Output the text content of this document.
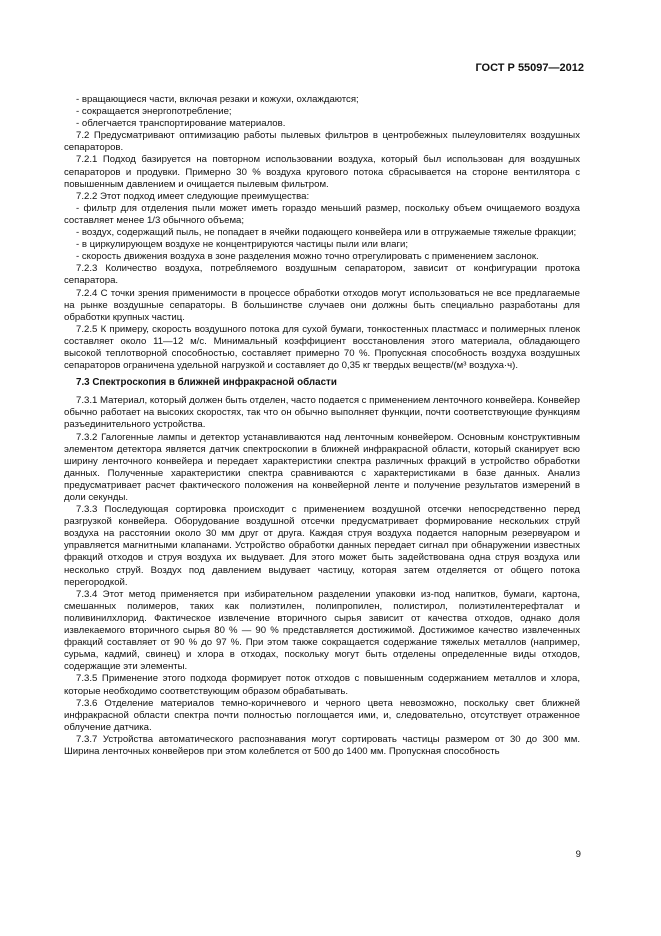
ГОСТ Р 55097—2012

- вращающиеся части, включая резаки и кожухи, охлаждаются;

- сокращается энергопотребление;

- облегчается транспортирование материалов.

7.2 Предусматривают оптимизацию работы пылевых фильтров в центробежных пылеуловителях воздушных сепараторов.

7.2.1 Подход базируется на повторном использовании воздуха, который был использован для воздушных сепараторов и продувки. Примерно 30 % воздуха кругового потока сбрасывается на стороне вентилятора с повышенным давлением и очищается пылевым фильтром.

7.2.2 Этот подход имеет следующие преимущества:

- фильтр для отделения пыли может иметь гораздо меньший размер, поскольку объем очищаемого воздуха составляет менее 1/3 обычного объема;

- воздух, содержащий пыль, не попадает в ячейки подающего конвейера или в отгружаемые тяжелые фракции;

- в циркулирующем воздухе не концентрируются частицы пыли или влаги;

- скорость движения воздуха в зоне разделения можно точно отрегулировать с применением заслонок.

7.2.3 Количество воздуха, потребляемого воздушным сепаратором, зависит от конфигурации протока сепаратора.

7.2.4 С точки зрения применимости в процессе обработки отходов могут использоваться не все предлагаемые на рынке воздушные сепараторы. В большинстве случаев они должны быть специально разработаны для обработки крупных частиц.

7.2.5 К примеру, скорость воздушного потока для сухой бумаги, тонкостенных пластмасс и полимерных пленок составляет около 11—12 м/с. Минимальный коэффициент восстановления этого материала, обладающего высокой теплотворной способностью, составляет примерно 70 %. Пропускная способность воздуха воздушных сепараторов ограничена удельной нагрузкой и составляет до 0,35 кг твердых веществ/(м³ воздуха·ч).

7.3 Спектроскопия в ближней инфракрасной области

7.3.1 Материал, который должен быть отделен, часто подается с применением ленточного конвейера. Конвейер обычно работает на высоких скоростях, так что он обычно выполняет функции, почти соответствующие функциям разъединительного устройства.

7.3.2 Галогенные лампы и детектор устанавливаются над ленточным конвейером. Основным конструктивным элементом детектора является датчик спектроскопии в ближней инфракрасной области, который сканирует всю ширину ленточного конвейера и передает характеристики спектра различных фракций в устройство обработки данных. Полученные характеристики спектра сравниваются с характеристиками в базе данных. Анализ предусматривает расчет фактического положения на конвейерной ленте и получение результатов измерений в доли секунды.

7.3.3 Последующая сортировка происходит с применением воздушной отсечки непосредственно перед разгрузкой конвейера. Оборудование воздушной отсечки предусматривает формирование нескольких струй воздуха на расстоянии около 30 мм друг от друга. Каждая струя воздуха подается напорным резервуаром и управляется магнитными клапанами. Устройство обработки данных передает сигнал при обнаружении известных фракций отходов и струя воздуха их выдувает. Для этого может быть задействована одна струя воздуха или несколько струй. Воздух под давлением выдувает частицу, которая затем отделяется от общего потока перегородкой.

7.3.4 Этот метод применяется при избирательном разделении упаковки из-под напитков, бумаги, картона, смешанных полимеров, таких как полиэтилен, полипропилен, полистирол, полиэтилентерефталат и поливинилхлорид. Фактическое извлечение вторичного сырья зависит от качества отходов, однако доля извлекаемого вторичного сырья 80 % — 90 % представляется достижимой. Достижимое качество извлеченных фракций составляет от 90 % до 97 %. При этом также сокращается содержание тяжелых металлов (например, сурьма, кадмий, свинец) и хлора в отходах, поскольку могут быть отделены определенные виды отходов, содержащие эти элементы.

7.3.5 Применение этого подхода формирует поток отходов с повышенным содержанием металлов и хлора, которые необходимо соответствующим образом обрабатывать.

7.3.6 Отделение материалов темно-коричневого и черного цвета невозможно, поскольку свет ближней инфракрасной области спектра почти полностью поглощается ими, и, следовательно, отсутствует отраженное облучение датчика.

7.3.7 Устройства автоматического распознавания могут сортировать частицы размером от 30 до 300 мм. Ширина ленточных конвейеров при этом колеблется от 500 до 1400 мм. Пропускная способность

9
